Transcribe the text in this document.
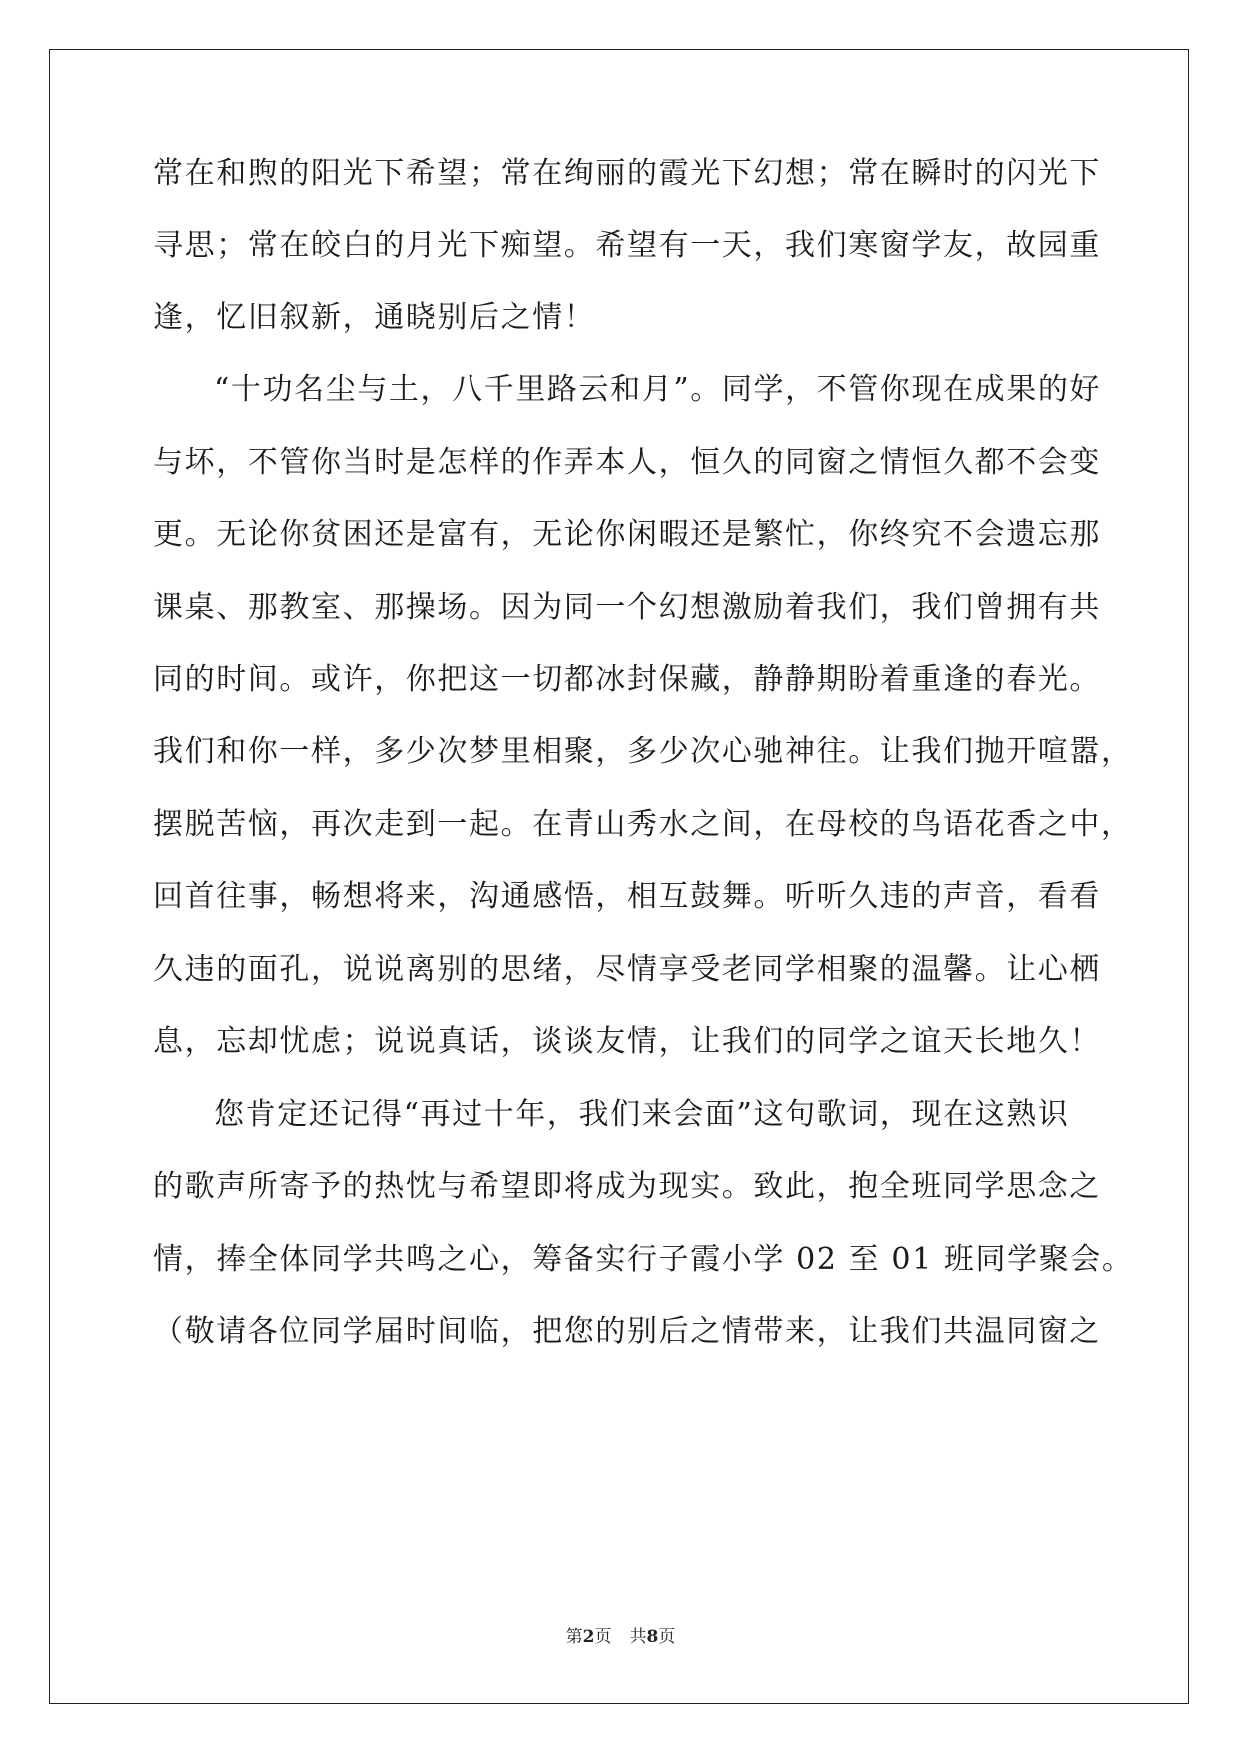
常在和煦的阳光下希望；常在绚丽的霞光下幻想；常在瞬时的闪光下
寻思；常在皎白的月光下痴望。希望有一天，我们寒窗学友，故园重
逢，忆旧叙新，通晓别后之情！
“十功名尘与土，八千里路云和月”。同学，不管你现在成果的好
与坏，不管你当时是怎样的作弄本人，恒久的同窗之情恒久都不会变
更。无论你贫困还是富有，无论你闲暇还是繁忙，你终究不会遗忘那
课桌、那教室、那操场。因为同一个幻想激励着我们，我们曾拥有共
同的时间。或许，你把这一切都冰封保藏，静静期盼着重逢的春光。
我们和你一样，多少次梦里相聚，多少次心驰神往。让我们抛开喧嚣，
摆脱苦恼，再次走到一起。在青山秀水之间，在母校的鸟语花香之中，
回首往事，畅想将来，沟通感悟，相互鼓舞。听听久违的声音，看看
久违的面孔，说说离别的思绪，尽情享受老同学相聚的温馨。让心栖
息，忘却忧虑；说说真话，谈谈友情，让我们的同学之谊天长地久！
您肯定还记得“再过十年，我们来会面”这句歌词，现在这熟识
的歌声所寄予的热忱与希望即将成为现实。致此，抱全班同学思念之
情，捧全体同学共鸣之心，筹备实行子霞小学 02 至 01 班同学聚会。
（敬请各位同学届时间临，把您的别后之情带来，让我们共温同窗之
第2页 共8页
